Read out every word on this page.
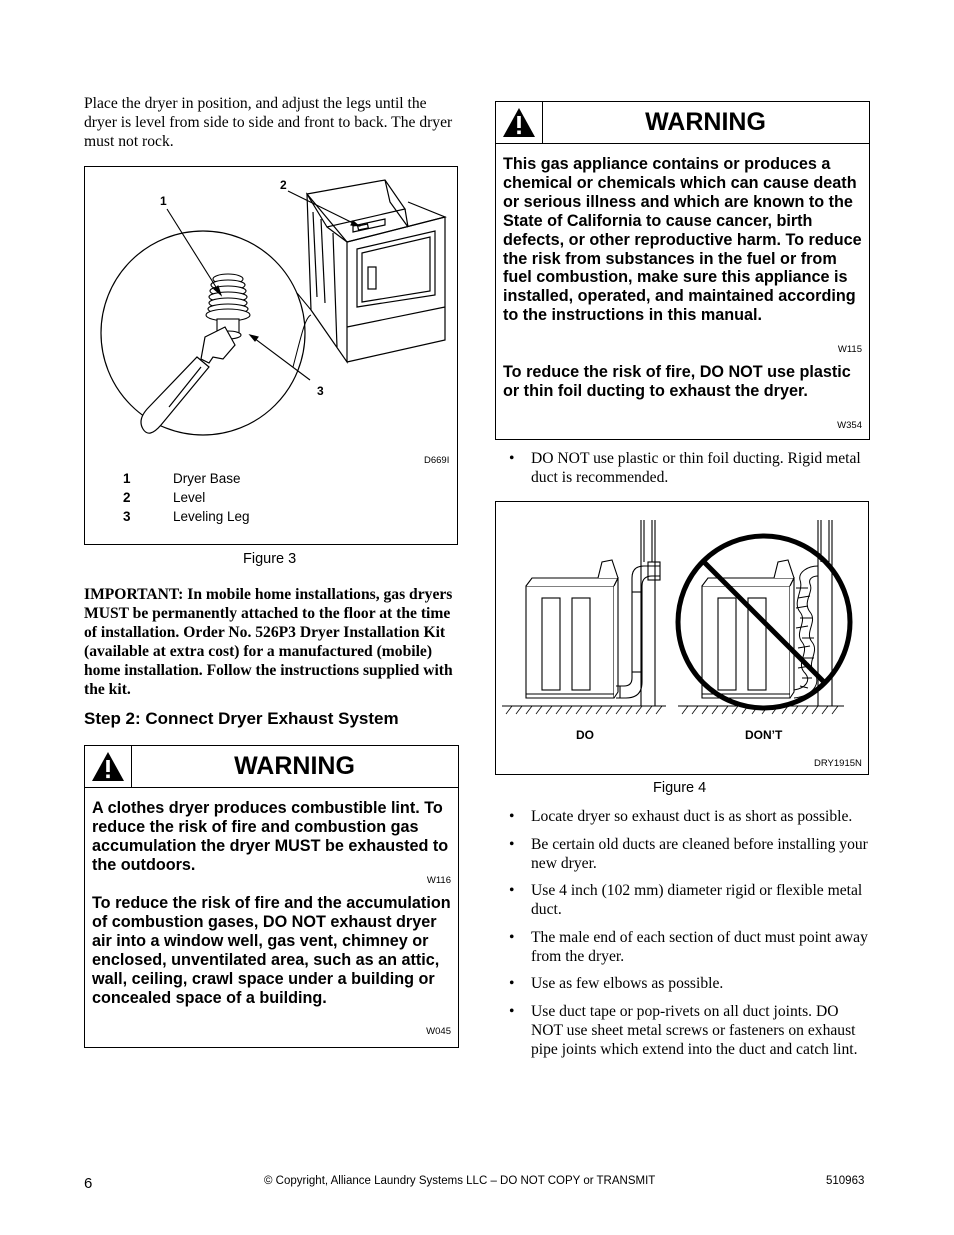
Place the dryer in position, and adjust the legs until the dryer is level from side to side and front to back. The dryer must not rock.
1
2
3
D669I
1	Dryer Base
2	Level
3	Leveling Leg
Figure 3
IMPORTANT: In mobile home installations, gas dryers MUST be permanently attached to the floor at the time of installation. Order No. 526P3 Dryer Installation Kit (available at extra cost) for a manufactured (mobile) home installation. Follow the instructions supplied with the kit.
Step 2: Connect Dryer Exhaust System
WARNING
A clothes dryer produces combustible lint. To reduce the risk of fire and combustion gas accumulation the dryer MUST be exhausted to the outdoors.
W116
To reduce the risk of fire and the accumulation of combustion gases, DO NOT exhaust dryer air into a window well, gas vent, chimney or enclosed, unventilated area, such as an attic, wall, ceiling, crawl space under a building or concealed space of a building.
W045
WARNING
This gas appliance contains or produces a chemical or chemicals which can cause death or serious illness and which are known to the State of California to cause cancer, birth defects, or other reproductive harm. To reduce the risk from substances in the fuel or from fuel combustion, make sure this appliance is installed, operated, and maintained according to the instructions in this manual.
W115
To reduce the risk of fire, DO NOT use plastic or thin foil ducting to exhaust the dryer.
W354
• DO NOT use plastic or thin foil ducting. Rigid metal duct is recommended.
DO	DON’T
DRY1915N
Figure 4
• Locate dryer so exhaust duct is as short as possible.
• Be certain old ducts are cleaned before installing your new dryer.
• Use 4 inch (102 mm) diameter rigid or flexible metal duct.
• The male end of each section of duct must point away from the dryer.
• Use as few elbows as possible.
• Use duct tape or pop-rivets on all duct joints. DO NOT use sheet metal screws or fasteners on exhaust pipe joints which extend into the duct and catch lint.
6	© Copyright, Alliance Laundry Systems LLC – DO NOT COPY or TRANSMIT	510963
